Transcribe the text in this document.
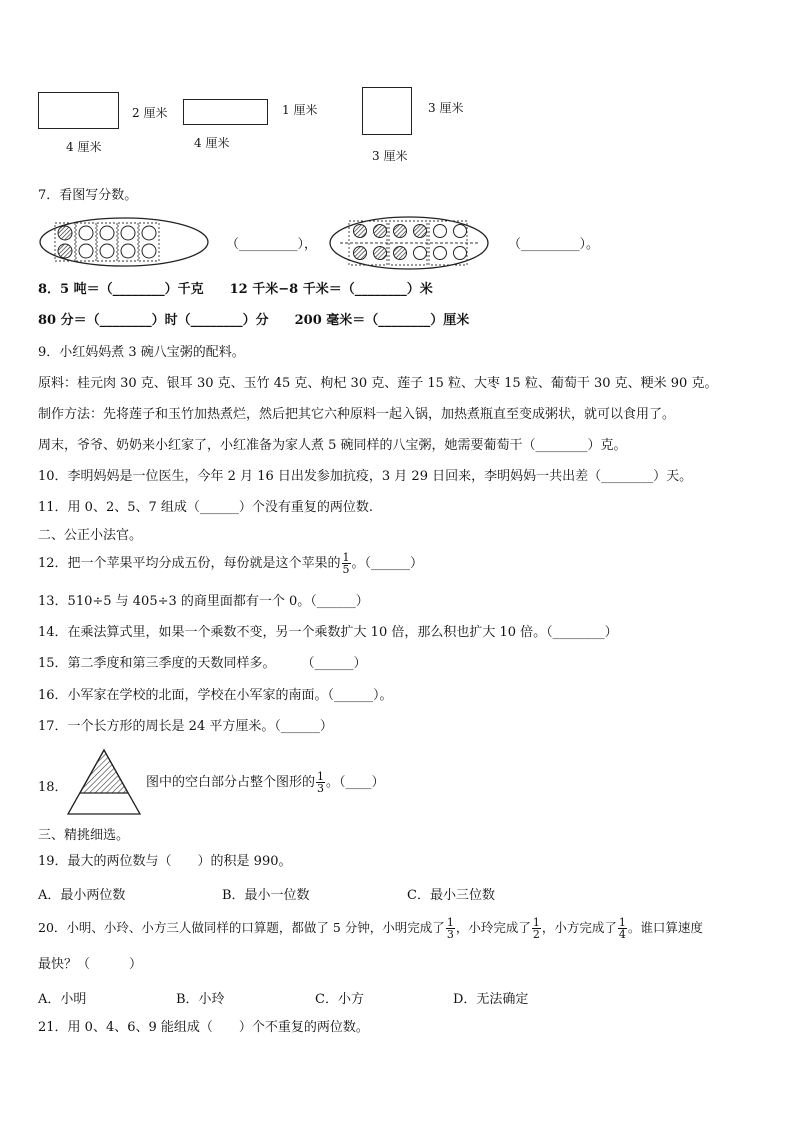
2 厘米
4 厘米
1 厘米
4 厘米
3 厘米
3 厘米
7．看图写分数。
（_________），	（_________）。
8．5 吨＝（________）千克　　12 千米−8 千米＝（________）米
80 分＝（________）时（________）分　　200 毫米＝（________）厘米
9．小红妈妈煮 3 碗八宝粥的配料。
原料：桂元肉 30 克、银耳 30 克、玉竹 45 克、枸杞 30 克、莲子 15 粒、大枣 15 粒、葡萄干 30 克、粳米 90 克。
制作方法：先将莲子和玉竹加热煮烂，然后把其它六种原料一起入锅，加热煮瓶直至变成粥状，就可以食用了。
周末，爷爷、奶奶来小红家了，小红准备为家人煮 5 碗同样的八宝粥，她需要葡萄干（________）克。
10．李明妈妈是一位医生，今年 2 月 16 日出发参加抗疫，3 月 29 日回来，李明妈妈一共出差（________）天。
11．用 0、2、5、7 组成（______）个没有重复的两位数.
二、公正小法官。
12．把一个苹果平均分成五份，每份就是这个苹果的 $\frac{1}{5}$ 。（______）
13．510÷5 与 405÷3 的商里面都有一个 0。（______）
14．在乘法算式里，如果一个乘数不变，另一个乘数扩大 10 倍，那么积也扩大 10 倍。（________）
15．第二季度和第三季度的天数同样多。　　　（______）
16．小军家在学校的北面，学校在小军家的南面。（______）。
17．一个长方形的周长是 24 平方厘米。（______）
18．	图中的空白部分占整个图形的 $\frac{1}{3}$ 。（____）
三、精挑细选。
19．最大的两位数与（　　）的积是 990。
A．最小两位数	B．最小一位数	C．最小三位数
20．小明、小玲、小方三人做同样的口算题，都做了 5 分钟，小明完成了 $\frac{1}{3}$ ，小玲完成了 $\frac{1}{2}$ ，小方完成了 $\frac{1}{4}$ 。谁口算速度
最快？（　　　）
A．小明	B．小玲	C．小方	D．无法确定
21．用 0、4、6、9 能组成（　　）个不重复的两位数。
